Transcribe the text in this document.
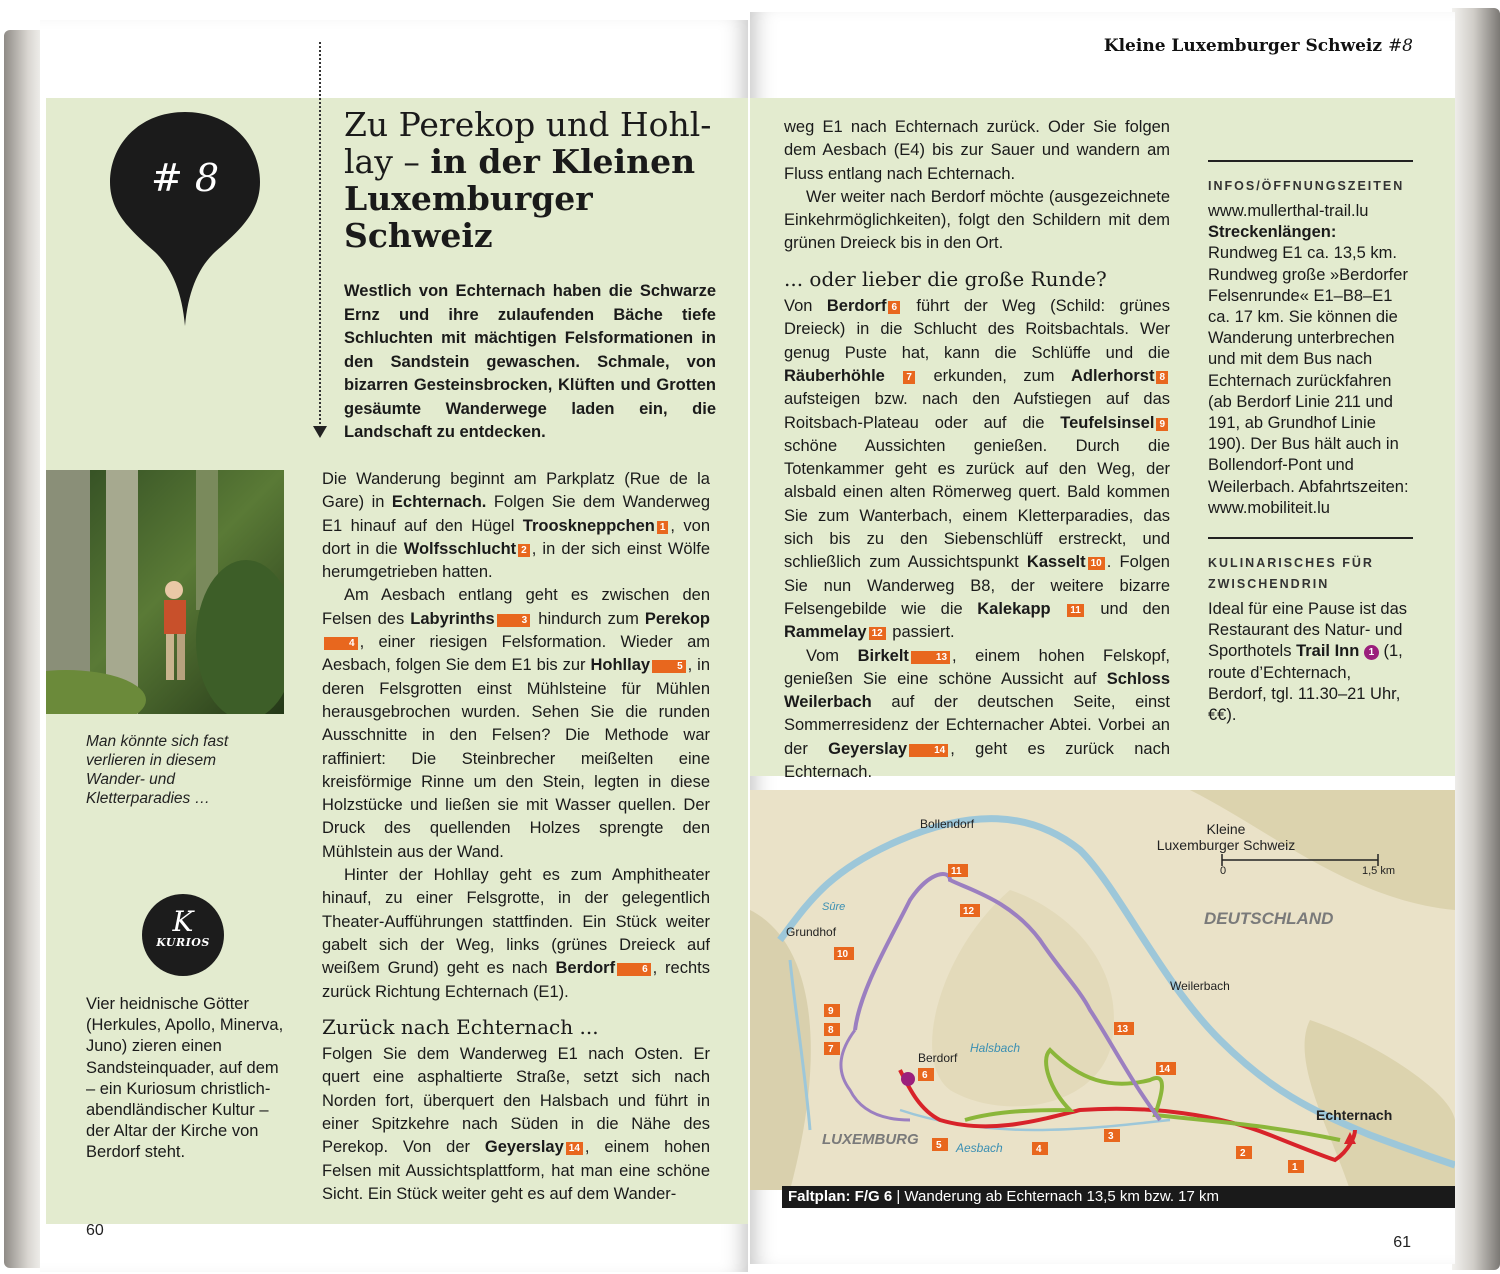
# 8
Zu Perekop und Hohl-lay – in der Kleinen Luxemburger Schweiz
Westlich von Echternach haben die Schwarze Ernz und ihre zulaufenden Bäche tiefe Schluchten mit mächtigen Felsformationen in den Sandstein gewaschen. Schmale, von bizarren Gesteinsbrocken, Klüften und Grotten gesäumte Wanderwege laden ein, die Landschaft zu entdecken.
Man könnte sich fast verlieren in diesem Wander- und Kletterparadies …
K
KURIOS
Vier heidnische Götter (Herkules, Apollo, Minerva, Juno) zieren einen Sandsteinquader, auf dem – ein Kuriosum christlich-abendländischer Kultur – der Altar der Kirche von Berdorf steht.

Die Wanderung beginnt am Parkplatz (Rue de la Gare) in Echternach. Folgen Sie dem Wanderweg E1 hinauf auf den Hügel Trooskneppchen 1 , von dort in die Wolfsschlucht 2 , in der sich einst Wölfe herumgetrieben hatten.

Am Aesbach entlang geht es zwischen den Felsen des Labyrinths	3 hindurch zum Perekop4 , einer riesigen Felsformation. Wieder am Aesbach, folgen Sie dem E1 bis zur Hohllay	5 , in deren Felsgrotten einst Mühlsteine für Mühlen herausgebrochen wurden. Sehen Sie die runden Ausschnitte in den Felsen? Die Methode war raffiniert: Die Steinbrecher meißelten eine kreisförmige Rinne um den Stein, legten in diese Holzstücke und ließen sie mit Wasser quellen. Der Druck des quellenden Holzes sprengte den Mühlstein aus der Wand.

Hinter der Hohllay geht es zum Amphitheater hinauf, zu einer Felsgrotte, in der gelegentlich Theater-Aufführungen stattfinden. Ein Stück weiter gabelt sich der Weg, links (grünes Dreieck auf weißem Grund) geht es nach Berdorf	6 , rechts zurück Richtung Echternach (E1).

Zurück nach Echternach ...

Folgen Sie dem Wanderweg E1 nach Osten. Er quert eine asphaltierte Straße, setzt sich nach Norden fort, überquert den Halsbach und führt in einer Spitzkehre nach Süden in die Nähe des Perekop. Von der Geyerslay 14 , einem hohen Felsen mit Aussichtsplattform, hat man eine schöne Sicht. Ein Stück weiter geht es auf dem Wander-

60
Kleine Luxemburger Schweiz #8

weg E1 nach Echternach zurück. Oder Sie folgen dem Aesbach (E4) bis zur Sauer und wandern am Fluss entlang nach Echternach.

Wer weiter nach Berdorf möchte (ausgezeichnete Einkehrmöglichkeiten), folgt den Schildern mit dem grünen Dreieck bis in den Ort.

... oder lieber die große Runde?

Von Berdorf 6 führt der Weg (Schild: grünes Dreieck) in die Schlucht des Roitsbachtals. Wer genug Puste hat, kann die Schlüffe und die Räuberhöhle 7 erkunden, zum Adlerhorst 8 aufsteigen bzw. nach den Aufstiegen auf das Roitsbach-Plateau oder auf die Teufelsinsel 9 schöne Aussichten genießen. Durch die Totenkammer geht es zurück auf den Weg, der alsbald einen alten Römerweg quert. Bald kommen Sie zum Wanterbach, einem Kletterparadies, das sich bis zu den Siebenschlüff erstreckt, und schließlich zum Aussichtspunkt Kasselt 10 . Folgen Sie nun Wanderweg B8, der weitere bizarre Felsengebilde wie die Kalekapp 11 und den Rammelay 12 passiert.

Vom Birkelt	13 , einem hohen Felskopf, genießen Sie eine schöne Aussicht auf Schloss Weilerbach auf der deutschen Seite, einst Sommerresidenz der Echternacher Abtei. Vorbei an der Geyerslay	14 , geht es zurück nach Echternach.

INFOS/ÖFFNUNGSZEITEN
www.mullerthal-trail.lu
Streckenlängen:
Rundweg E1 ca. 13,5 km. Rundweg große »Berdorfer Felsenrunde« E1–B8–E1 ca. 17 km. Sie können die Wanderung unterbrechen und mit dem Bus nach Echternach zurückfahren (ab Berdorf Linie 211 und 191, ab Grundhof Linie 190). Der Bus hält auch in Bollendorf-Pont und Weilerbach. Abfahrtszeiten: www.mobiliteit.lu
KULINARISCHES FÜR ZWISCHENDRIN
Ideal für eine Pause ist das Restaurant des Natur- und Sporthotels Trail Inn 1 (1, route d’Echternach, Berdorf, tgl. 11.30–21 Uhr, €€).
Bollendorf
Grundhof
Weilerbach
Berdorf
Echternach
Kleine
Luxemburger Schweiz
0	1,5 km
DEUTSCHLAND
LUXEMBURG
Halsbach
Aesbach
Sûre
1
2
3
4
5
6
7
8
9
10
11
12
13
14
Faltplan: F/G 6 | Wanderung ab Echternach 13,5 km bzw. 17 km
61
